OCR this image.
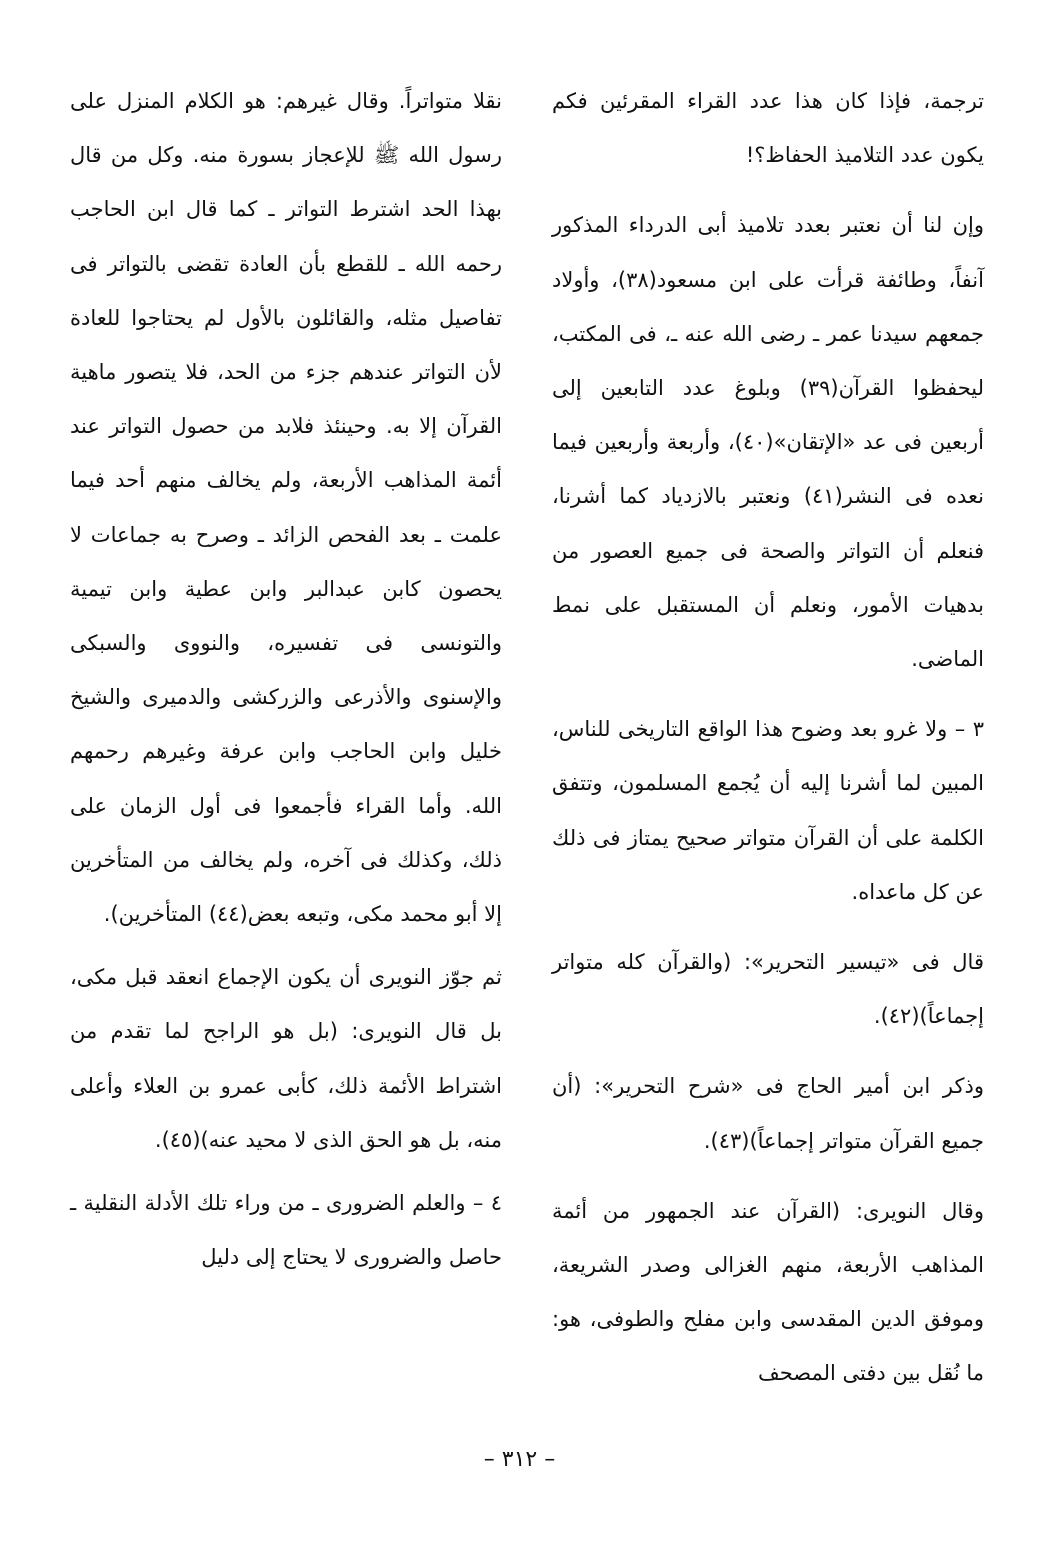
ترجمة، فإذا كان هذا عدد القراء المقرئين فكم يكون عدد التلاميذ الحفاظ؟!

وإن لنا أن نعتبر بعدد تلاميذ أبى الدرداء المذكور آنفاً، وطائفة قرأت على ابن مسعود(٣٨)، وأولاد جمعهم سيدنا عمر ـ رضى الله عنه ـ، فى المكتب، ليحفظوا القرآن(٣٩) وبلوغ عدد التابعين إلى أربعين فى عد «الإتقان»(٤٠)، وأربعة وأربعين فيما نعده فى النشر(٤١) ونعتبر بالازدياد كما أشرنا، فنعلم أن التواتر والصحة فى جميع العصور من بدهيات الأمور، ونعلم أن المستقبل على نمط الماضى.

٣ – ولا غرو بعد وضوح هذا الواقع التاريخى للناس، المبين لما أشرنا إليه أن يُجمع المسلمون، وتتفق الكلمة على أن القرآن متواتر صحيح يمتاز فى ذلك عن كل ماعداه.

قال فى «تيسير التحرير»: (والقرآن كله متواتر إجماعاً)(٤٢).

وذكر ابن أمير الحاج فى «شرح التحرير»: (أن جميع القرآن متواتر إجماعاً)(٤٣).

وقال النويرى: (القرآن عند الجمهور من أئمة المذاهب الأربعة، منهم الغزالى وصدر الشريعة، وموفق الدين المقدسى وابن مفلح والطوفى، هو: ما نُقل بين دفتى المصحف

نقلا متواتراً. وقال غيرهم: هو الكلام المنزل على رسول الله ﷺ للإعجاز بسورة منه. وكل من قال بهذا الحد اشترط التواتر ـ كما قال ابن الحاجب رحمه الله ـ للقطع بأن العادة تقضى بالتواتر فى تفاصيل مثله، والقائلون بالأول لم يحتاجوا للعادة لأن التواتر عندهم جزء من الحد، فلا يتصور ماهية القرآن إلا به. وحينئذ فلابد من حصول التواتر عند أئمة المذاهب الأربعة، ولم يخالف منهم أحد فيما علمت ـ بعد الفحص الزائد ـ وصرح به جماعات لا يحصون كابن عبدالبر وابن عطية وابن تيمية والتونسى فى تفسيره، والنووى والسبكى والإسنوى والأذرعى والزركشى والدميرى والشيخ خليل وابن الحاجب وابن عرفة وغيرهم رحمهم الله. وأما القراء فأجمعوا فى أول الزمان على ذلك، وكذلك فى آخره، ولم يخالف من المتأخرين إلا أبو محمد مكى، وتبعه بعض(٤٤) المتأخرين).

ثم جوّز النويرى أن يكون الإجماع انعقد قبل مكى، بل قال النويرى: (بل هو الراجح لما تقدم من اشتراط الأئمة ذلك، كأبى عمرو بن العلاء وأعلى منه، بل هو الحق الذى لا محيد عنه)(٤٥).

٤ – والعلم الضرورى ـ من وراء تلك الأدلة النقلية ـ حاصل والضرورى لا يحتاج إلى دليل

– ٣١٢ –
